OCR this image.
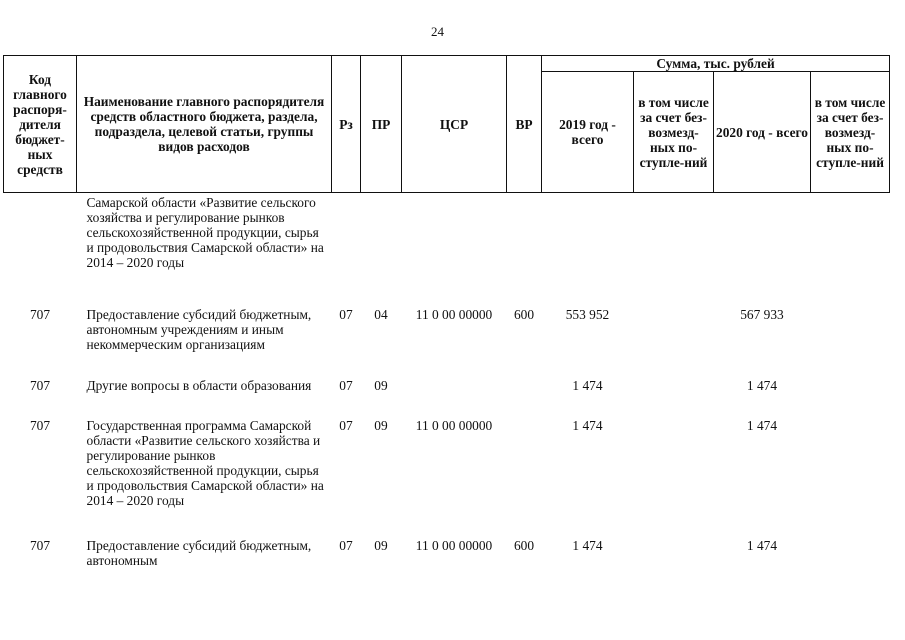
24
Код главного распоря-дителя бюджет-ных средств	Наименование главного распорядителя средств областного бюджета, раздела, подраздела, целевой статьи, группы видов расходов	Рз	ПР	ЦСР	ВР	Сумма, тыс. рублей			
						2019 год - всего	в том числе за счет без-возмезд-ных по-ступле-ний	2020 год - всего	в том числе за счет без-возмезд-ных по-ступле-ний
	Самарской области «Развитие сельского хозяйства и регулирование рынков сельскохозяйственной продукции, сырья и продовольствия Самарской области» на 2014 – 2020 годы								
707	Предоставление субсидий бюджетным, автономным учреждениям и иным некоммерческим организациям	07	04	11 0 00 00000	600	553 952		567 933	
707	Другие вопросы в области образования	07	09			1 474		1 474	
707	Государственная программа Самарской области «Развитие сельского хозяйства и регулирование рынков сельскохозяйственной продукции, сырья и продовольствия Самарской области» на 2014 – 2020 годы	07	09	11 0 00 00000		1 474		1 474	
707	Предоставление субсидий бюджетным, автономным	07	09	11 0 00 00000	600	1 474		1 474	
